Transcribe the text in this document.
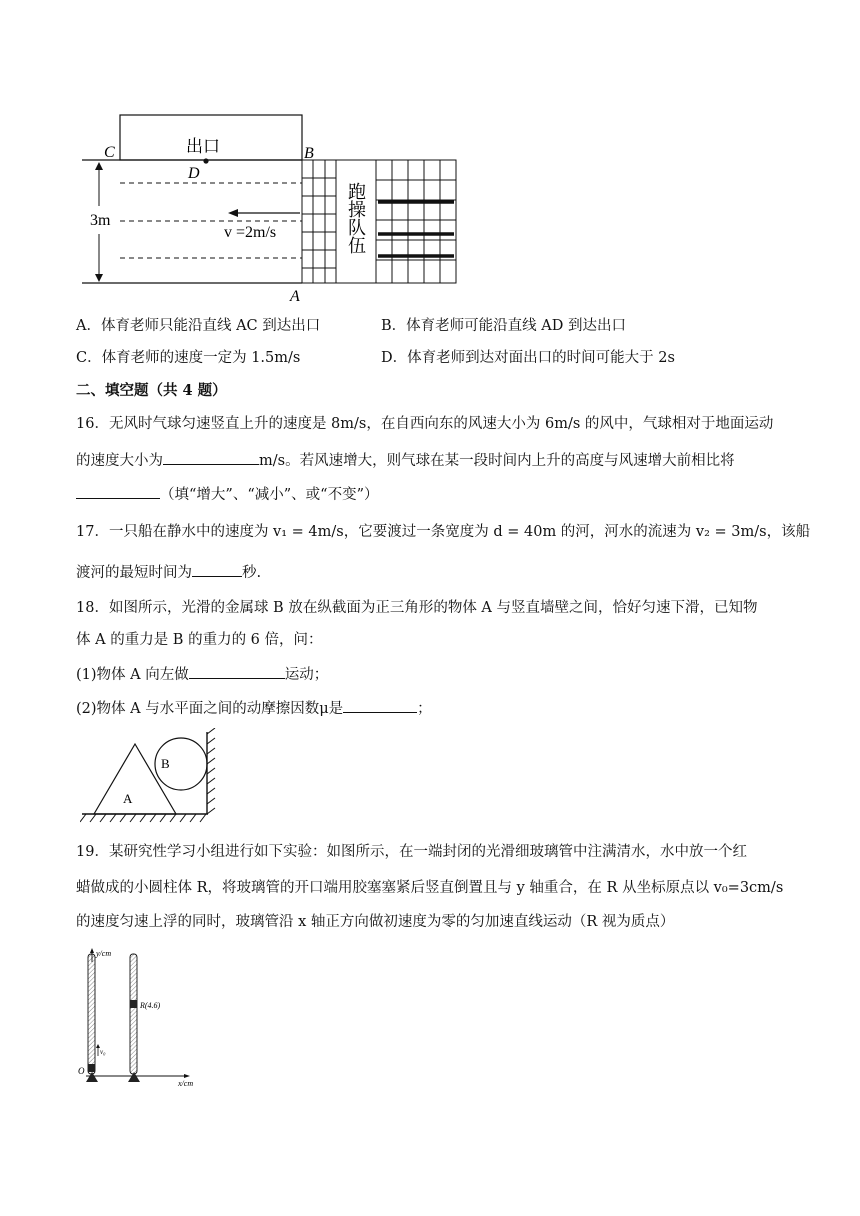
出口
C	B
D
A
3m
v =2m/s	跑操队伍
A．体育老师只能沿直线 AC 到达出口	B．体育老师可能沿直线 AD 到达出口
C．体育老师的速度一定为 1.5m/s	D．体育老师到达对面出口的时间可能大于 2s
二、填空题（共 4 题）
16．无风时气球匀速竖直上升的速度是 8m/s，在自西向东的风速大小为 6m/s 的风中，气球相对于地面运动
的速度大小为	m/s。若风速增大，则气球在某一段时间内上升的高度与风速增大前相比将
（填“增大”、“减小”、或“不变”）
17．一只船在静水中的速度为 v₁ = 4m/s，它要渡过一条宽度为 d = 40m 的河，河水的流速为 v₂ = 3m/s，该船
渡河的最短时间为	秒.
18．如图所示，光滑的金属球 B 放在纵截面为正三角形的物体 A 与竖直墙壁之间，恰好匀速下滑，已知物
体 A 的重力是 B 的重力的 6 倍，问：
(1)物体 A 向左做	运动；
(2)物体 A 与水平面之间的动摩擦因数μ是	；
A
B
19．某研究性学习小组进行如下实验：如图所示，在一端封闭的光滑细玻璃管中注满清水，水中放一个红
蜡做成的小圆柱体 R，将玻璃管的开口端用胶塞塞紧后竖直倒置且与 y 轴重合，在 R 从坐标原点以 v₀=3cm/s
的速度匀速上浮的同时，玻璃管沿 x 轴正方向做初速度为零的匀加速直线运动（R 视为质点）
x/cm
y/cm
v₀
O
R(4.6)
